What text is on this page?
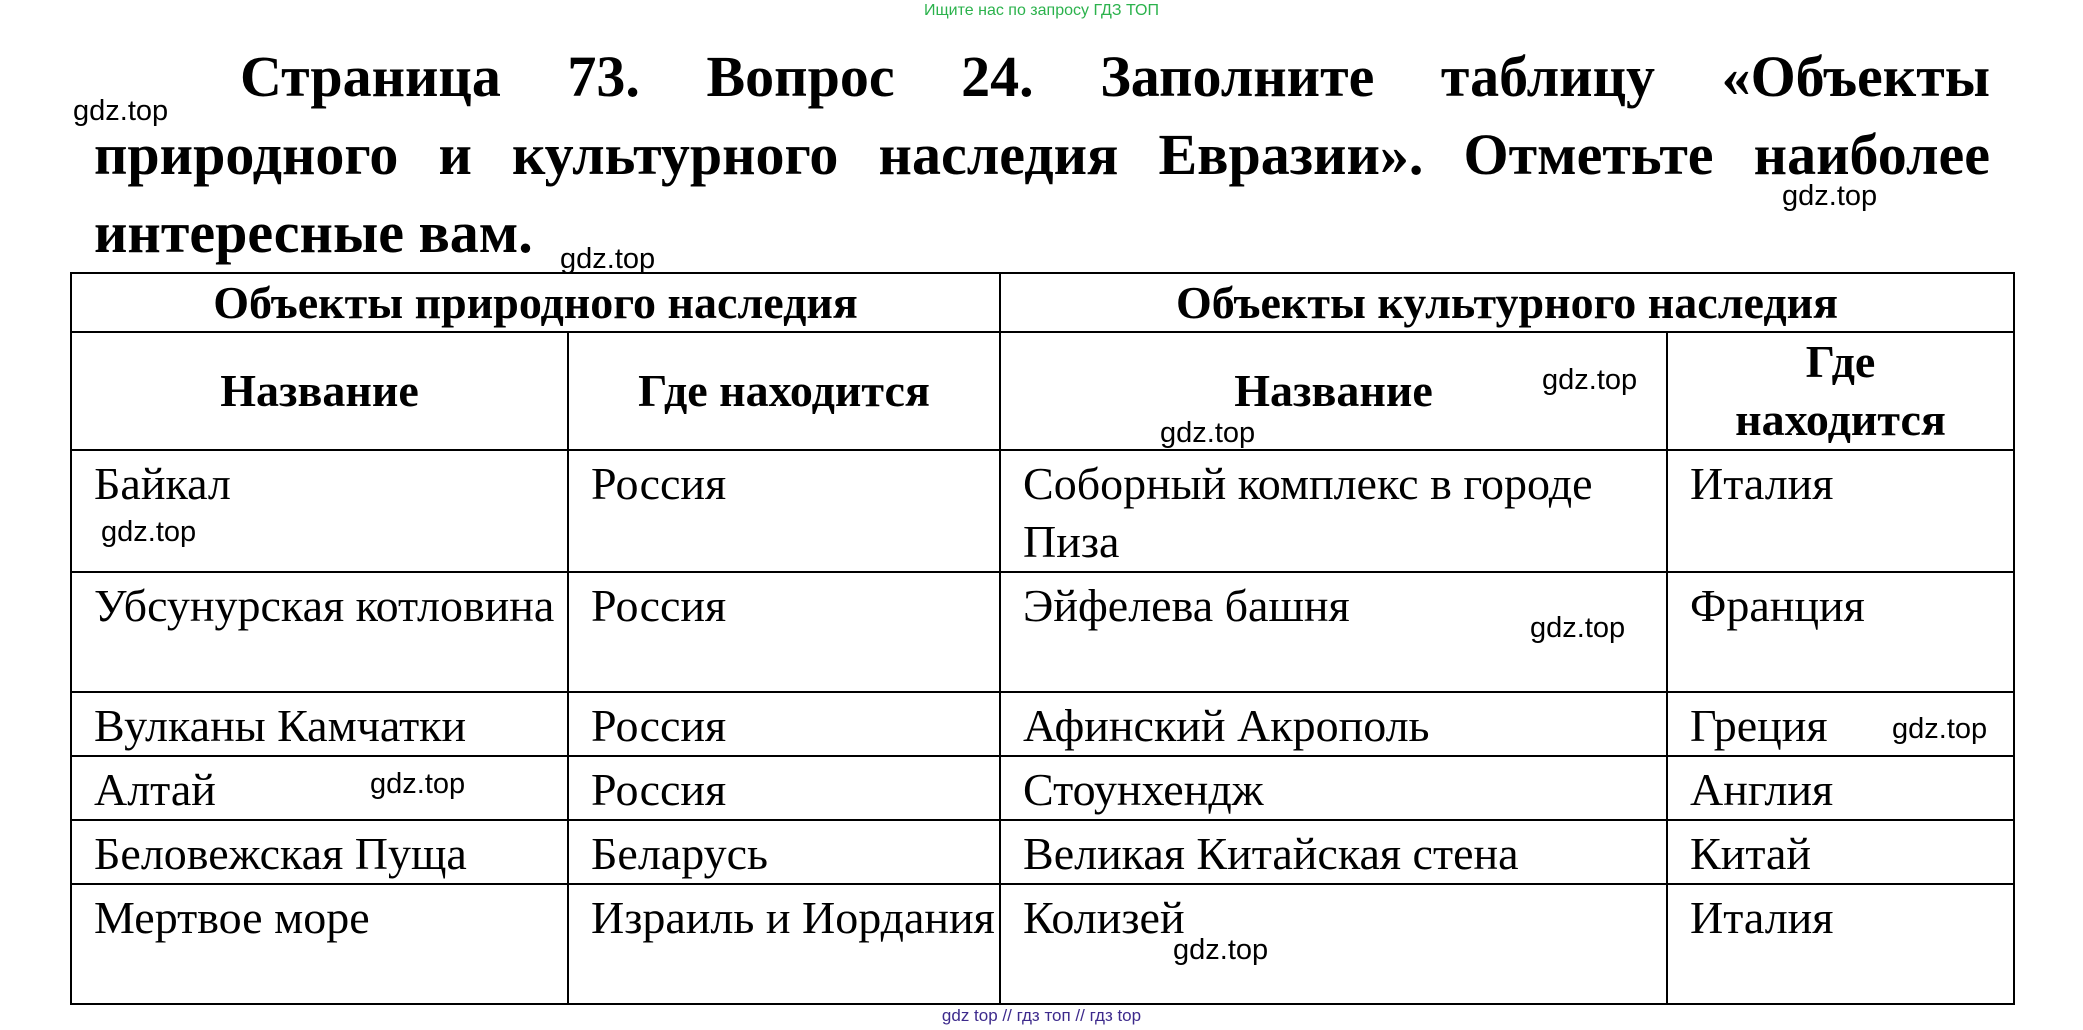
Ищите нас по запросу ГДЗ ТОП

Страница 73. Вопрос 24. Заполните таблицу «Объекты природного и культурного наследия Евразии». Отметьте наиболее интересные вам.

Объекты природного наследия		Объекты культурного наследия	
Название	Где находится	Название	Где находится
Байкал	Россия	Соборный комплекс в городе Пиза	Италия
Убсунурская котловина	Россия	Эйфелева башня	Франция
Вулканы Камчатки	Россия	Афинский Акрополь	Греция
Алтай	Россия	Стоунхендж	Англия
Беловежская Пуща	Беларусь	Великая Китайская стена	Китай
Мертвое море	Израиль и Иордания	Колизей	Италия
gdz.top
gdz.top
gdz.top
gdz.top
gdz.top
gdz.top
gdz.top
gdz.top
gdz.top
gdz.top
gdz top // гдз топ // гдз top
